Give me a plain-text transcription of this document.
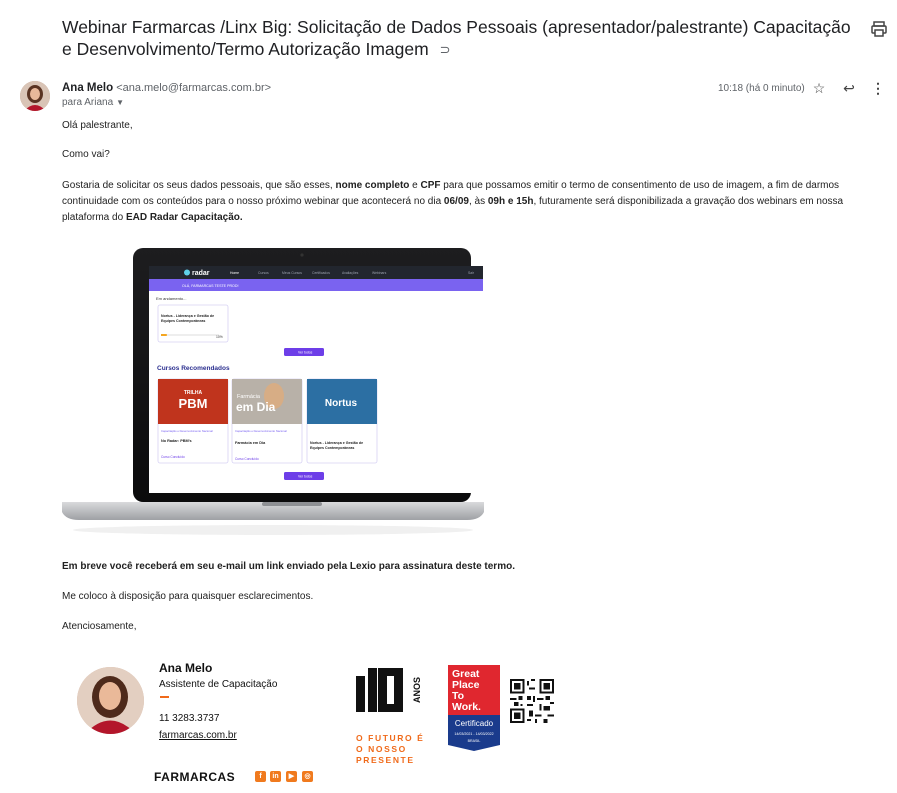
Webinar Farmarcas /Linx Big: Solicitação de Dados Pessoais (apresentador/palestrante) Capacitação e Desenvolvimento/Termo Autorização Imagem ⊃
Ana Melo <ana.melo@farmarcas.com.br>
para Ariana ▼
10:18 (há 0 minuto) ☆ ↩ ⋮
Olá palestrante,
Como vai?
Gostaria de solicitar os seus dados pessoais, que são esses, nome completo e CPF para que possamos emitir o termo de consentimento de uso de imagem, a fim de darmos continuidade com os conteúdos para o nosso próximo webinar que acontecerá no dia 06/09, às 09h e 15h, futuramente será disponibilizada a gravação dos webinars em nossa plataforma do EAD Radar Capacitação.
radar	Home	Cursos	Meus Cursos	Certificados	Avaliações	Webinars	Sair
OLÁ, FARMARCAS TESTE PROD!
Em andamento...
Nortus - Liderança e Gestão de
Equipes Contemporâneas
10%
Ver todos
Cursos Recomendados
TRILHA
PBM
Capacitação e Desenvolvimento Nacional
No Radar: PBM's
Curso Concluído
Farmácia
em Dia
Capacitação e Desenvolvimento Nacional
Farmácia em Dia
Curso Concluído
Nortus
Nortus - Liderança e Gestão de
Equipes Contemporâneas
Ver todos
Em breve você receberá em seu e-mail um link enviado pela Lexio para assinatura deste termo.
Me coloco à disposição para quaisquer esclarecimentos.
Atenciosamente,
Ana Melo
Assistente de Capacitação
11 3283.3737
farmarcas.com.br
FARMARCAS	f	in	▶	◎
ANOS
O FUTURO É O NOSSO PRESENTE
Great
Place
To
Work.
Certificado
14/03/2021 - 14/03/2022
BRASIL
